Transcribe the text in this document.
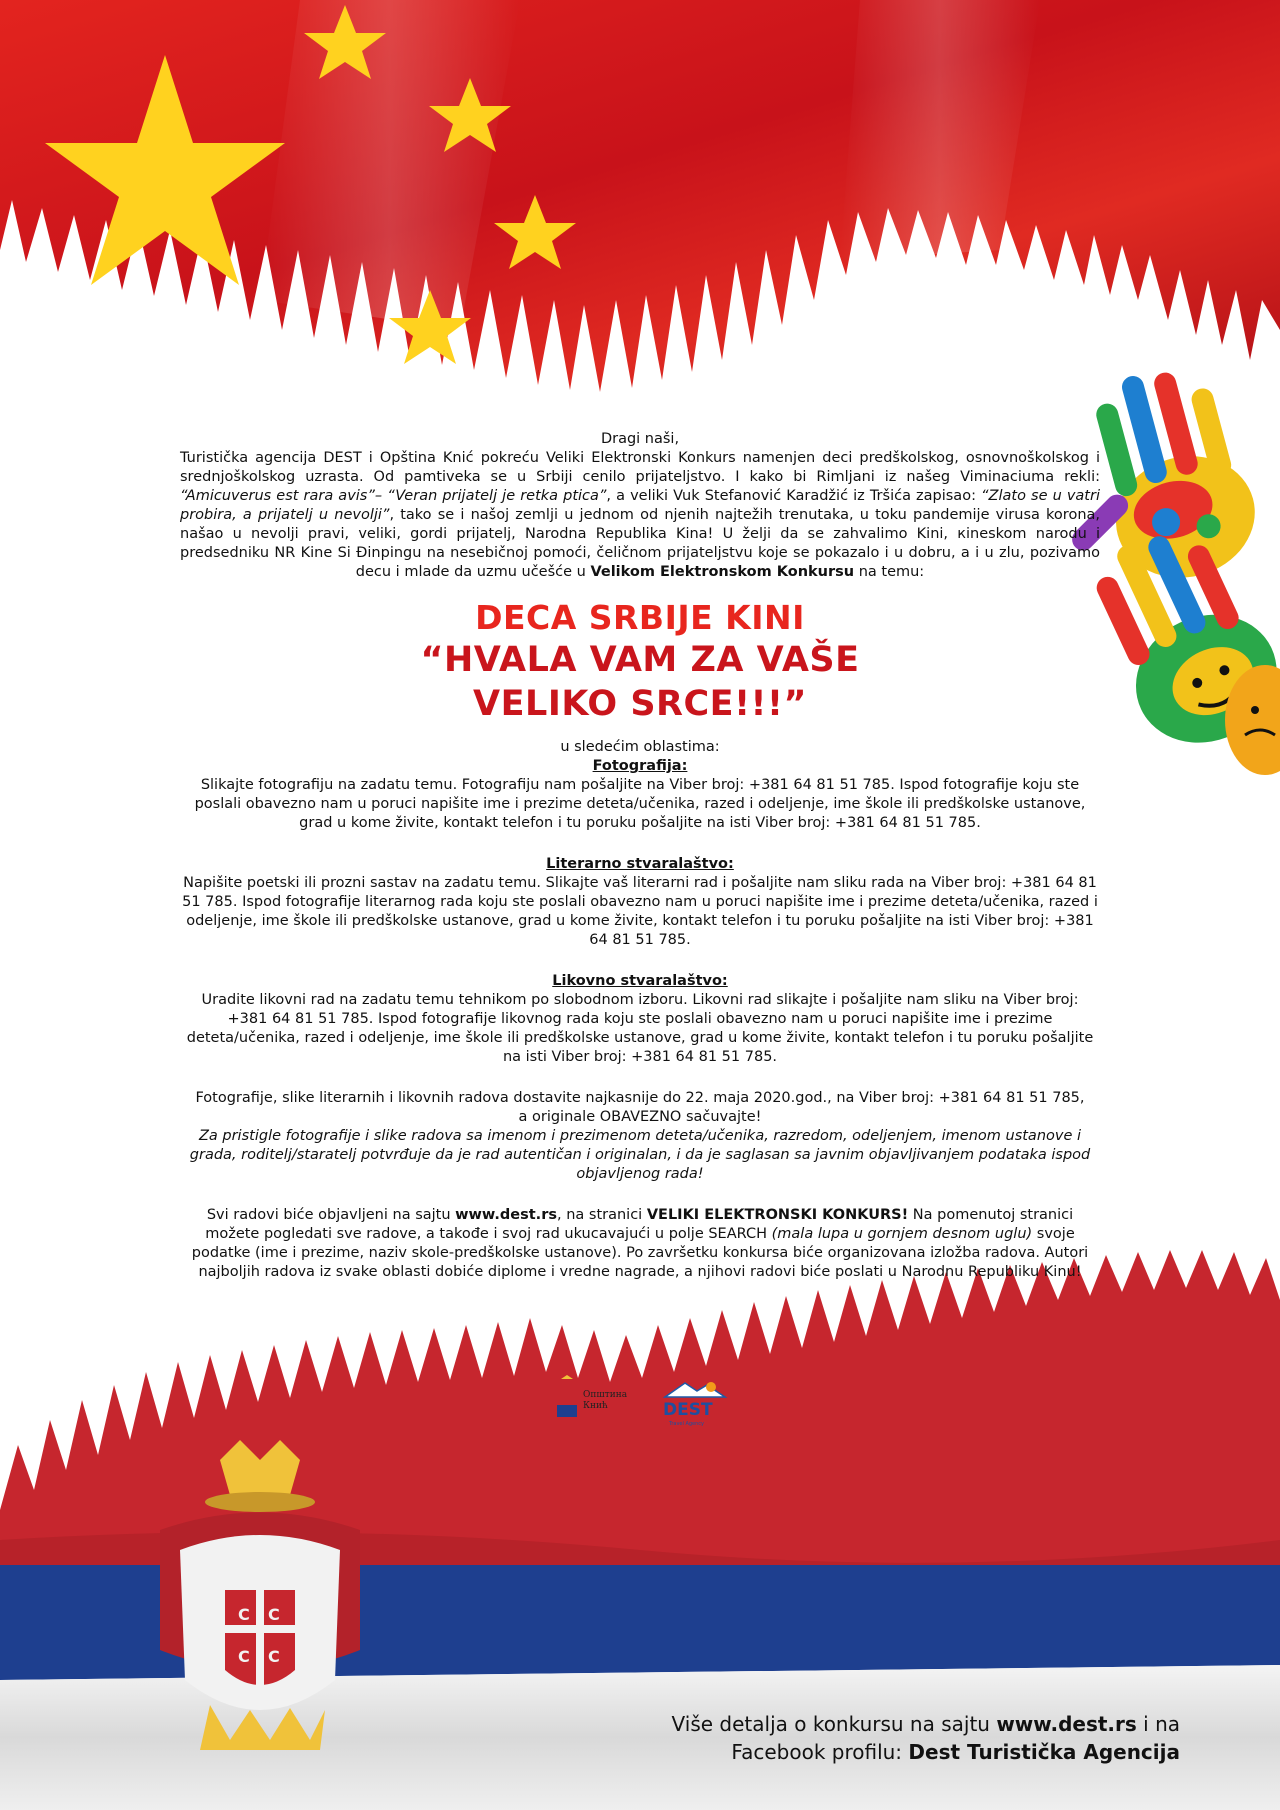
C C
C C

Dragi naši,

Turistička agencija DEST i Opština Knić pokreću Veliki Elektronski Konkurs namenjen deci predškolskog, osnovnoškolskog i srednjoškolskog uzrasta. Od pamtiveka se u Srbiji cenilo prijateljstvo. I kako bi Rimljani iz našeg Viminaciuma rekli: “Amicuverus est rara avis”– “Veran prijatelj je retka ptica”, a veliki Vuk Stefanović Karadžić iz Tršića zapisao: “Zlato se u vatri probira, a prijatelj u nevolji”, tako se i našoj zemlji u jednom od njenih najtežih trenutaka, u toku pandemije virusa korona, našao u nevolji pravi, veliki, gordi prijatelj, Narodna Republika Kina! U želji da se zahvalimo Kini, кineskom narodu i predsedniku NR Kine Si Đinpingu na nesebičnoj pomoći, čeličnom prijateljstvu koje se pokazalo i u dobru, a i u zlu, pozivamo decu i mlade da uzmu učešće u Velikom Elektronskom Konkursu na temu:

DECA SRBIJE KINI
“HVALA VAM ZA VAŠE
VELIKO SRCE!!!”

u sledećim oblastima:

Fotografija:

Slikajte fotografiju na zadatu temu. Fotografiju nam pošaljite na Viber broj: +381 64 81 51 785. Ispod fotografije koju ste poslali obavezno nam u poruci napišite ime i prezime deteta/učenika, razed i odeljenje, ime škole ili predškolske ustanove, grad u kome živite, kontakt telefon i tu poruku pošaljite na isti Viber broj: +381 64 81 51 785.

Literarno stvaralaštvo:

Napišite poetski ili prozni sastav na zadatu temu. Slikajte vaš literarni rad i pošaljite nam sliku rada na Viber broj: +381 64 81 51 785. Ispod fotografije literarnog rada koju ste poslali obavezno nam u poruci napišite ime i prezime deteta/učenika, razed i odeljenje, ime škole ili predškolske ustanove, grad u kome živite, kontakt telefon i tu poruku pošaljite na isti Viber broj: +381 64 81 51 785.

Likovno stvaralaštvo:

Uradite likovni rad na zadatu temu tehnikom po slobodnom izboru. Likovni rad slikajte i pošaljite nam sliku na Viber broj: +381 64 81 51 785. Ispod fotografije likovnog rada koju ste poslali obavezno nam u poruci napišite ime i prezime deteta/učenika, razed i odeljenje, ime škole ili predškolske ustanove, grad u kome živite, kontakt telefon i tu poruku pošaljite na isti Viber broj: +381 64 81 51 785.

Fotografije, slike literarnih i likovnih radova dostavite najkasnije do 22. maja 2020.god., na Viber broj: +381 64 81 51 785,

a originale OBAVEZNO sačuvajte!

Za pristigle fotografije i slike radova sa imenom i prezimenom deteta/učenika, razredom, odeljenjem, imenom ustanove i grada, roditelj/staratelj potvrđuje da je rad autentičan i originalan, i da je saglasan sa javnim objavljivanjem podataka ispod objavljenog rada!

Svi radovi biće objavljeni na sajtu www.dest.rs, na stranici VELIKI ELEKTRONSKI KONKURS! Na pomenutoj stranici možete pogledati sve radove, a takođe i svoj rad ukucavajući u polje SEARCH (mala lupa u gornjem desnom uglu) svoje podatke (ime i prezime, naziv skole-predškolske ustanove). Po završetku konkursa biće organizovana izložba radova. Autori najboljih radova iz svake oblasti dobiće diplome i vredne nagrade, a njihovi radovi biće poslati u Narodnu Republiku Kinu!

Општина
Кнић	DEST
Travel Agency
Više detalja o konkursu na sajtu www.dest.rs i na
Facebook profilu: Dest Turistička Agencija
